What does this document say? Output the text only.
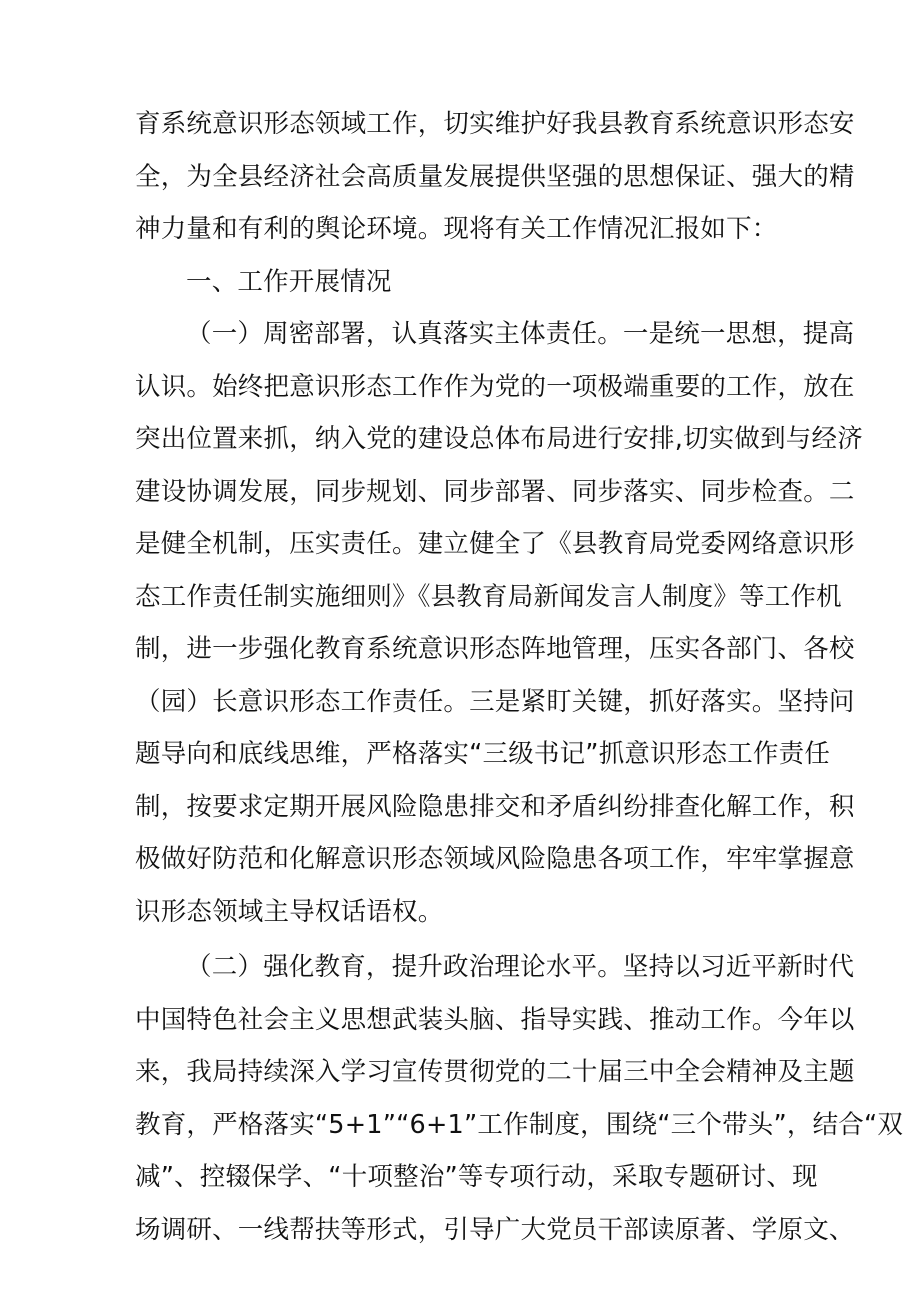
育系统意识形态领域工作，切实维护好我县教育系统意识形态安
全，为全县经济社会高质量发展提供坚强的思想保证、强大的精
神力量和有利的舆论环境。现将有关工作情况汇报如下：

一、工作开展情况

（一）周密部署，认真落实主体责任。一是统一思想，提高
认识。始终把意识形态工作作为党的一项极端重要的工作，放在
突出位置来抓，纳入党的建设总体布局进行安排,切实做到与经济
建设协调发展，同步规划、同步部署、同步落实、同步检查。二
是健全机制，压实责任。建立健全了《县教育局党委网络意识形
态工作责任制实施细则》《县教育局新闻发言人制度》等工作机
制，进一步强化教育系统意识形态阵地管理，压实各部门、各校
（园）长意识形态工作责任。三是紧盯关键，抓好落实。坚持问
题导向和底线思维，严格落实“三级书记”抓意识形态工作责任
制，按要求定期开展风险隐患排交和矛盾纠纷排查化解工作，积
极做好防范和化解意识形态领域风险隐患各项工作，牢牢掌握意
识形态领域主导权话语权。

（二）强化教育，提升政治理论水平。坚持以习近平新时代
中国特色社会主义思想武装头脑、指导实践、推动工作。今年以
来，我局持续深入学习宣传贯彻党的二十届三中全会精神及主题
教育，严格落实“5+1”“6+1”工作制度，围绕“三个带头”，结合“双
减”、控辍保学、“十项整治”等专项行动，采取专题研讨、现
场调研、一线帮扶等形式，引导广大党员干部读原著、学原文、
